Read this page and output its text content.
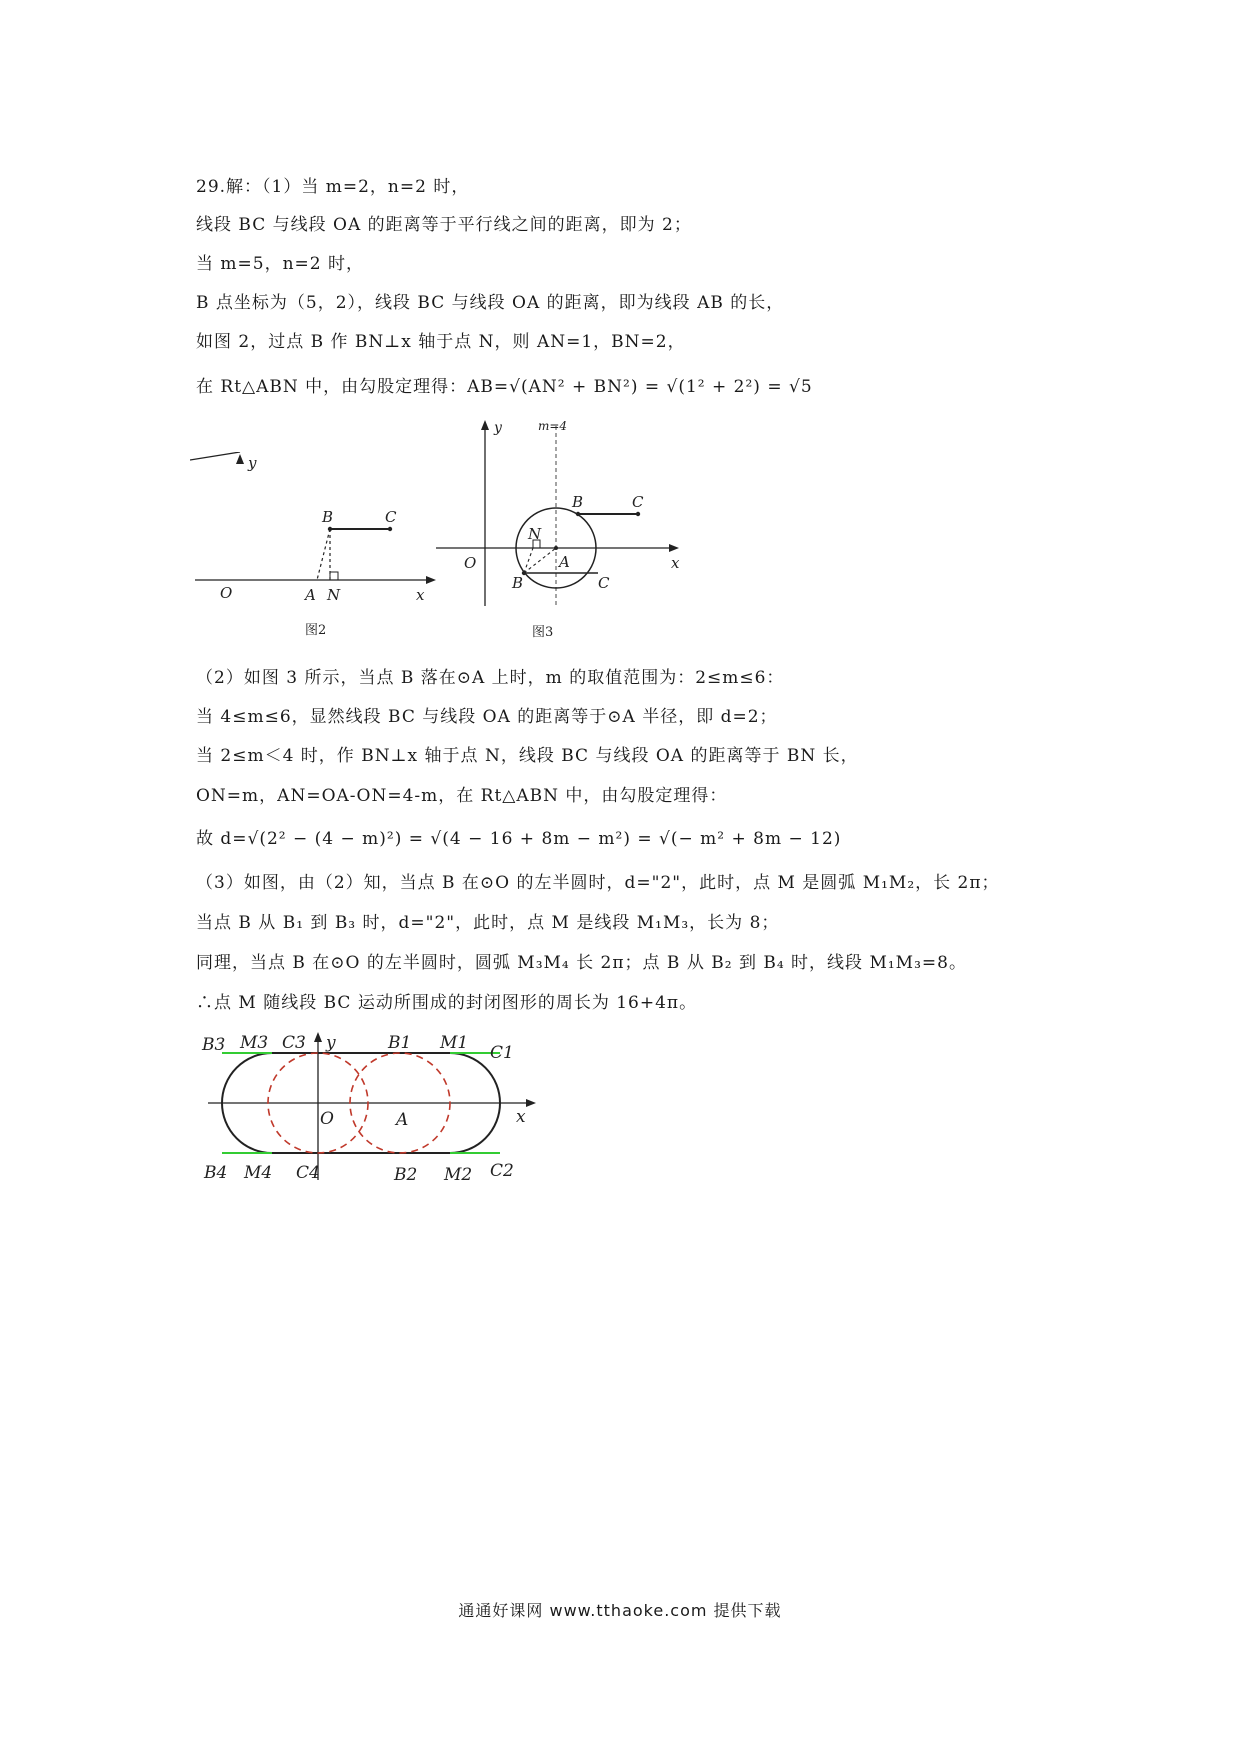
29.解：（1）当 m=2，n=2 时，
线段 BC 与线段 OA 的距离等于平行线之间的距离，即为 2；
当 m=5，n=2 时，
B 点坐标为（5，2），线段 BC 与线段 OA 的距离，即为线段 AB 的长，
如图 2，过点 B 作 BN⊥x 轴于点 N，则 AN=1，BN=2，
在 Rt△ABN 中，由勾股定理得：AB=√(AN² + BN²) = √(1² + 2²) = √5
y
x
O	A N
B	C
图2
y	m=4
x
O	A
N
B	C
B	C
图3
（2）如图 3 所示，当点 B 落在⊙A 上时，m 的取值范围为：2≤m≤6：
当 4≤m≤6，显然线段 BC 与线段 OA 的距离等于⊙A 半径，即 d=2；
当 2≤m＜4 时，作 BN⊥x 轴于点 N，线段 BC 与线段 OA 的距离等于 BN 长，
ON=m，AN=OA-ON=4-m，在 Rt△ABN 中，由勾股定理得：
故 d=√(2² − (4 − m)²) = √(4 − 16 + 8m − m²) = √(− m² + 8m − 12)
（3）如图，由（2）知，当点 B 在⊙O 的左半圆时，d="2"，此时，点 M 是圆弧 M₁M₂，长 2π；
当点 B 从 B₁ 到 B₃ 时，d="2"，此时，点 M 是线段 M₁M₃，长为 8；
同理，当点 B 在⊙O 的左半圆时，圆弧 M₃M₄ 长 2π；点 B 从 B₂ 到 B₄ 时，线段 M₁M₃=8。
∴点 M 随线段 BC 运动所围成的封闭图形的周长为 16+4π。
B3 M3 C3 y	B1 M1 C1
O	A	x
B4 M4 C4	B2 M2 C2
通通好课网 www.tthaoke.com 提供下载
